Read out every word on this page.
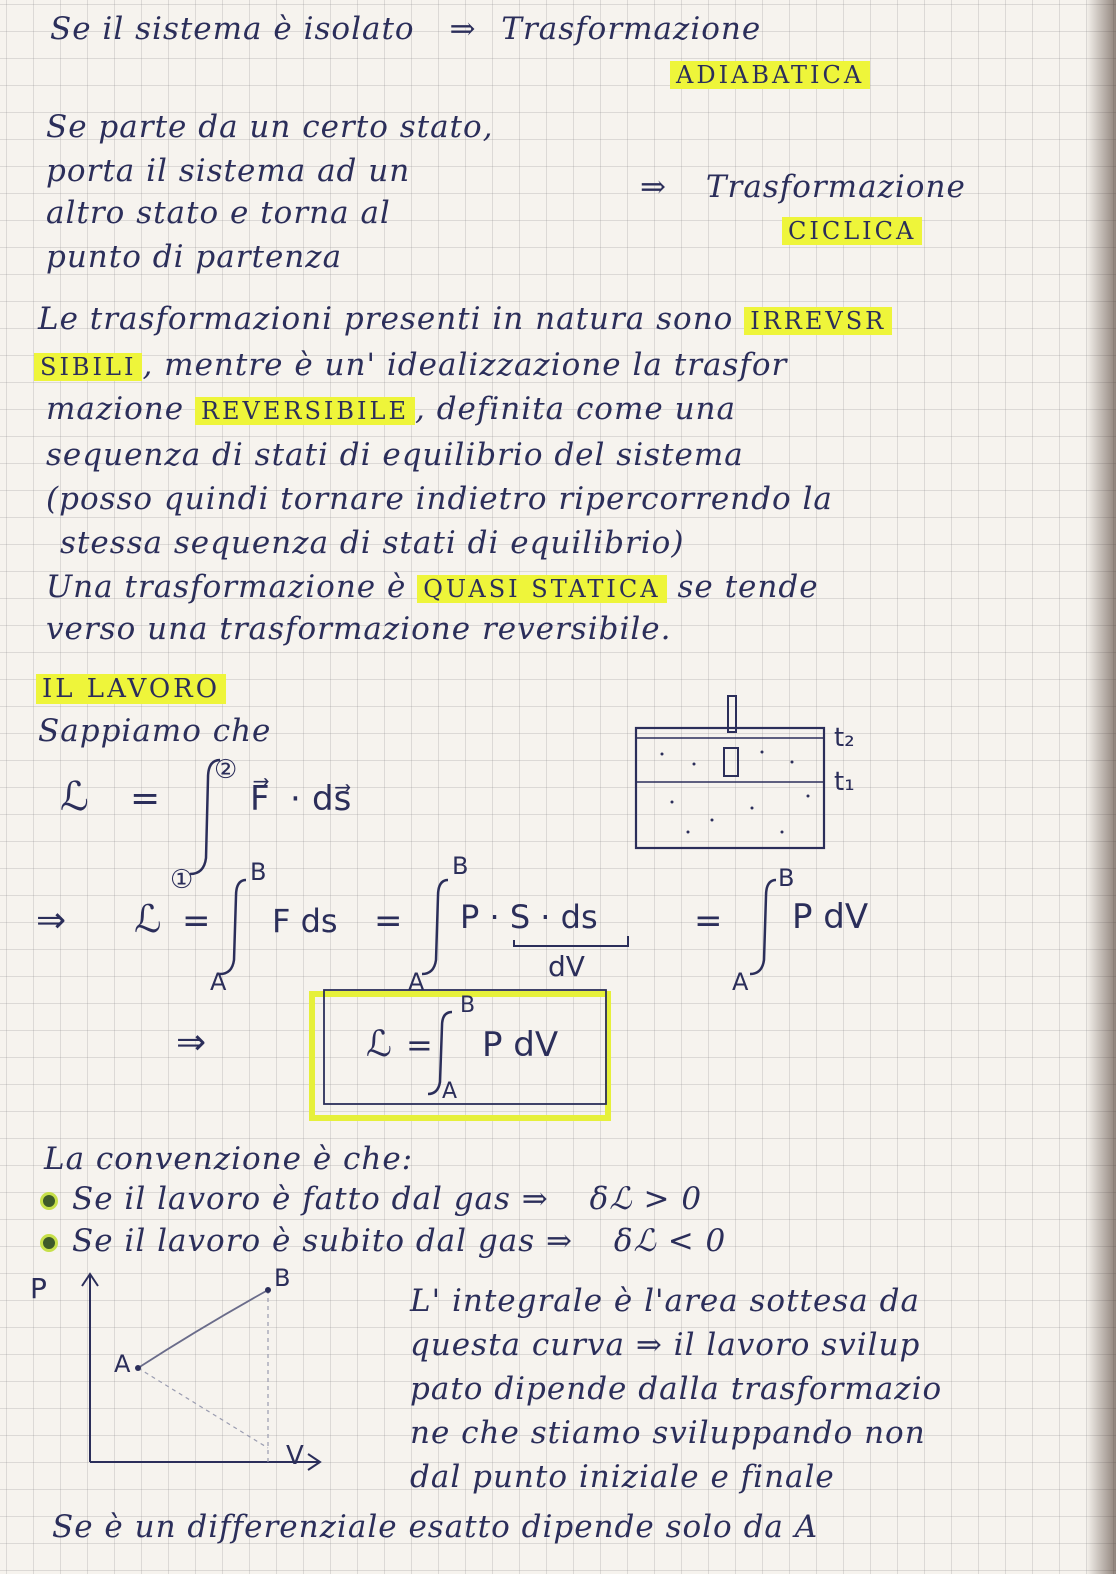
Se il sistema è isolato ⇒ Trasformazione
ADIABATICA
Se parte da un certo stato,
porta il sistema ad un
altro stato e torna al
punto di partenza
⇒ Trasformazione
CICLICA
Le trasformazioni presenti in natura sono IRREVSR
SIBILI , mentre è un' idealizzazione la trasfor
mazione REVERSIBILE , definita come una
sequenza di stati di equilibrio del sistema
(posso quindi tornare indietro ripercorrendo la
stessa sequenza di stati di equilibrio)
Una trasformazione è QUASI STATICA se tende
verso una trasformazione reversibile.
IL LAVORO
Sappiamo che
ℒ =
②
①
F⃗ · ds⃗
t₂
t₁
⇒ ℒ =
B
A
F ds =
B
A
P · S · ds
dV
=
B
A
P dV
⇒	ℒ =
B
A
P dV
La convenzione è che:
Se il lavoro è fatto dal gas ⇒ δℒ > 0
Se il lavoro è subito dal gas ⇒ δℒ < 0
P
V
A
B
L' integrale è l'area sottesa da
questa curva ⇒ il lavoro svilup
pato dipende dalla trasformazio
ne che stiamo sviluppando non
dal punto iniziale e finale
Se è un differenziale esatto dipende solo da A
